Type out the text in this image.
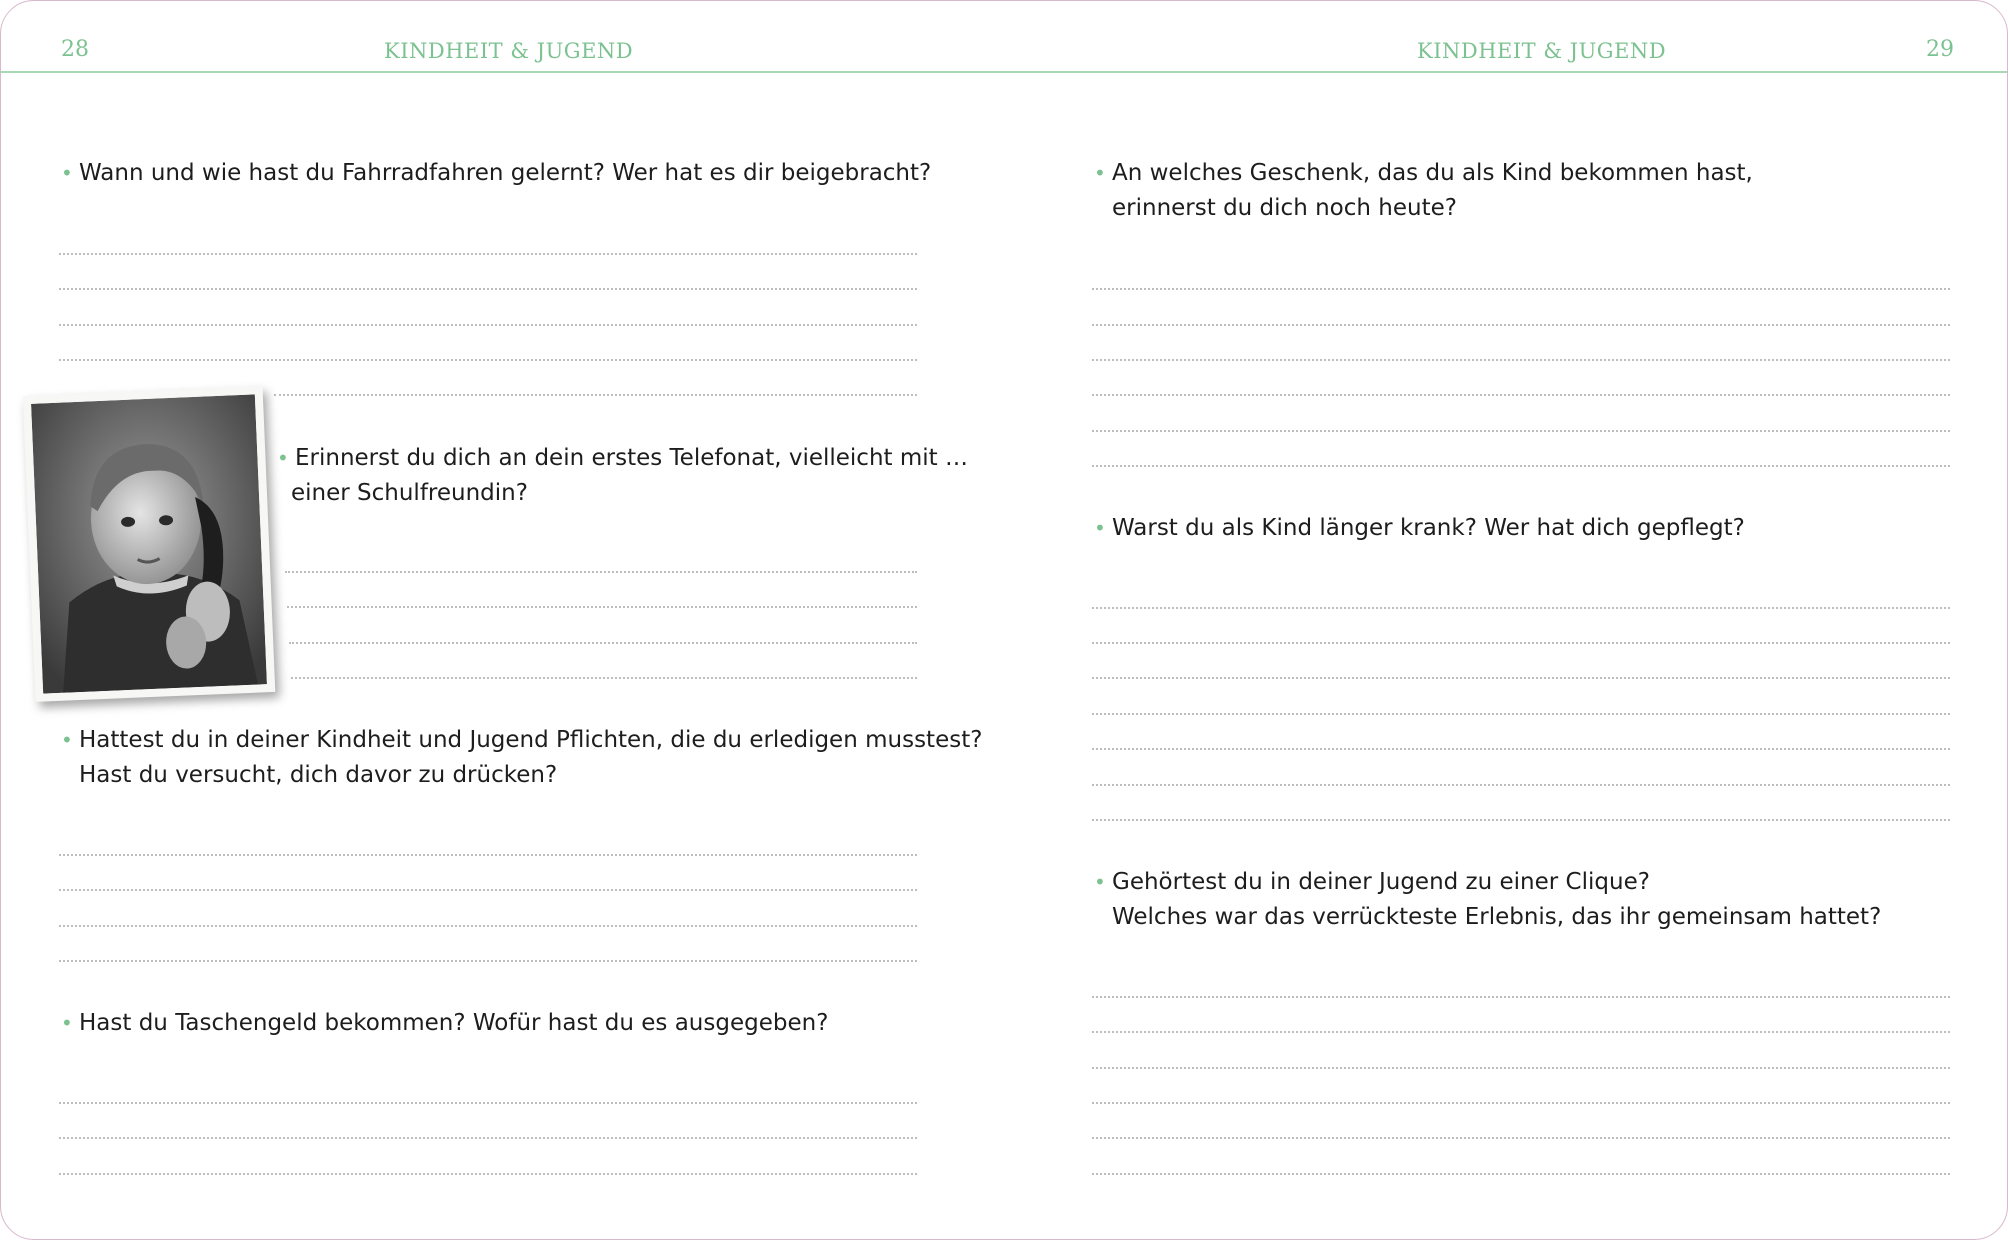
28	KINDHEIT & JUGEND	KINDHEIT & JUGEND	29
• Wann und wie hast du Fahrradfahren gelernt? Wer hat es dir beigebracht?
• Erinnerst du dich an dein erstes Telefonat, vielleicht mit …
einer Schulfreundin?
• Hattest du in deiner Kindheit und Jugend Pflichten, die du erledigen musstest?
Hast du versucht, dich davor zu drücken?
• Hast du Taschengeld bekommen? Wofür hast du es ausgegeben?
• An welches Geschenk, das du als Kind bekommen hast,
erinnerst du dich noch heute?
• Warst du als Kind länger krank? Wer hat dich gepflegt?
• Gehörtest du in deiner Jugend zu einer Clique?
Welches war das verrückteste Erlebnis, das ihr gemeinsam hattet?
